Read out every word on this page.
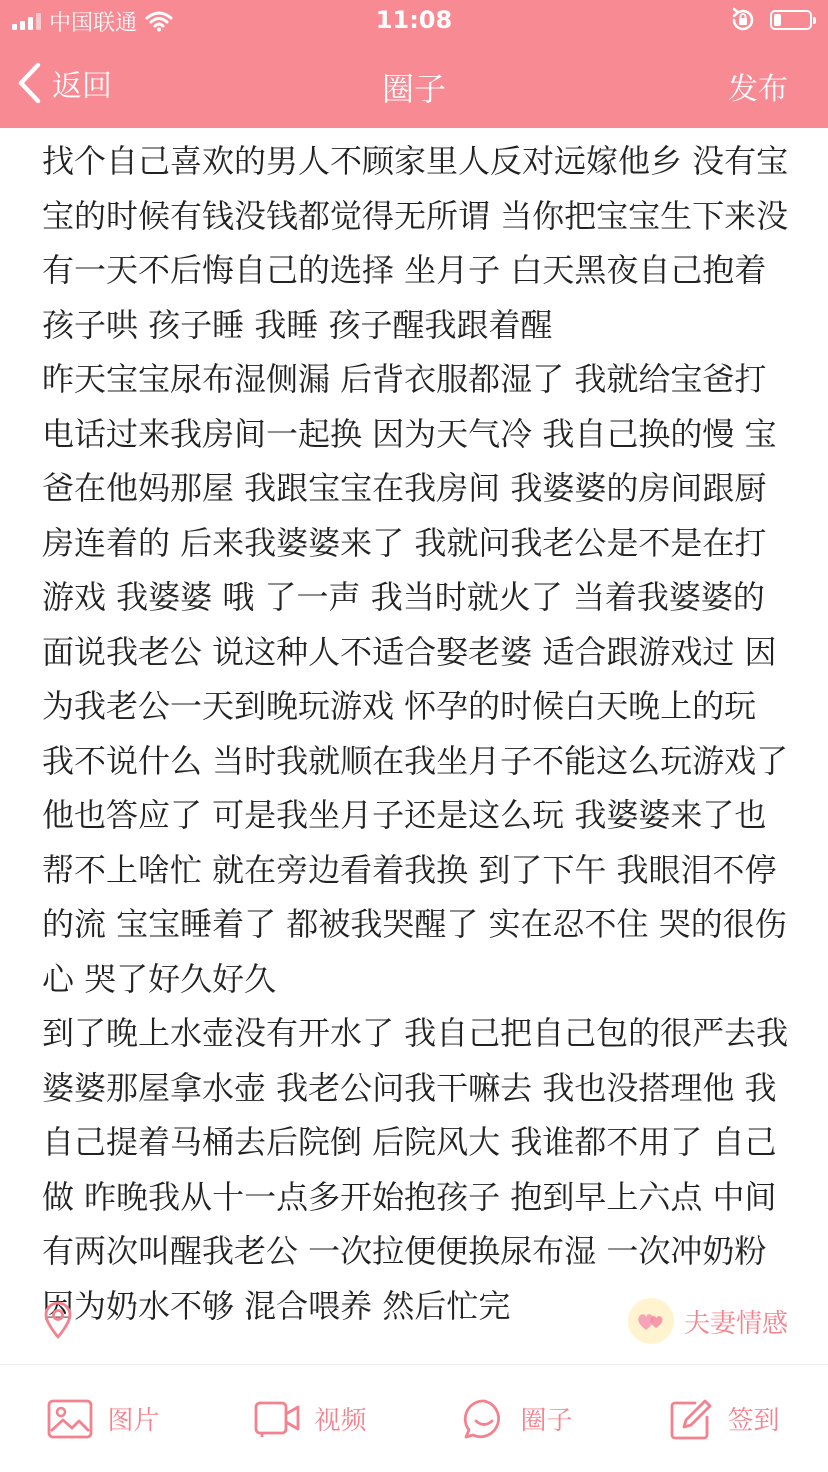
中国联通	11:08
返回	圈子	发布
找个自己喜欢的男人不顾家里人反对远嫁他乡 没有宝宝的时候有钱没钱都觉得无所谓 当你把宝宝生下来没有一天不后悔自己的选择 坐月子 白天黑夜自己抱着孩子哄 孩子睡 我睡 孩子醒我跟着醒
昨天宝宝尿布湿侧漏 后背衣服都湿了 我就给宝爸打电话过来我房间一起换 因为天气冷 我自己换的慢 宝爸在他妈那屋 我跟宝宝在我房间 我婆婆的房间跟厨房连着的 后来我婆婆来了 我就问我老公是不是在打游戏 我婆婆 哦 了一声 我当时就火了 当着我婆婆的面说我老公 说这种人不适合娶老婆 适合跟游戏过 因为我老公一天到晚玩游戏 怀孕的时候白天晚上的玩 我不说什么 当时我就顺在我坐月子不能这么玩游戏了 他也答应了 可是我坐月子还是这么玩 我婆婆来了也帮不上啥忙 就在旁边看着我换 到了下午 我眼泪不停的流 宝宝睡着了 都被我哭醒了 实在忍不住 哭的很伤心 哭了好久好久
到了晚上水壶没有开水了 我自己把自己包的很严去我婆婆那屋拿水壶 我老公问我干嘛去 我也没搭理他 我自己提着马桶去后院倒 后院风大 我谁都不用了 自己做 昨晚我从十一点多开始抱孩子 抱到早上六点 中间有两次叫醒我老公 一次拉便便换尿布湿 一次冲奶粉 因为奶水不够 混合喂养 然后忙完	夫妻情感
图片	视频	圈子	签到
